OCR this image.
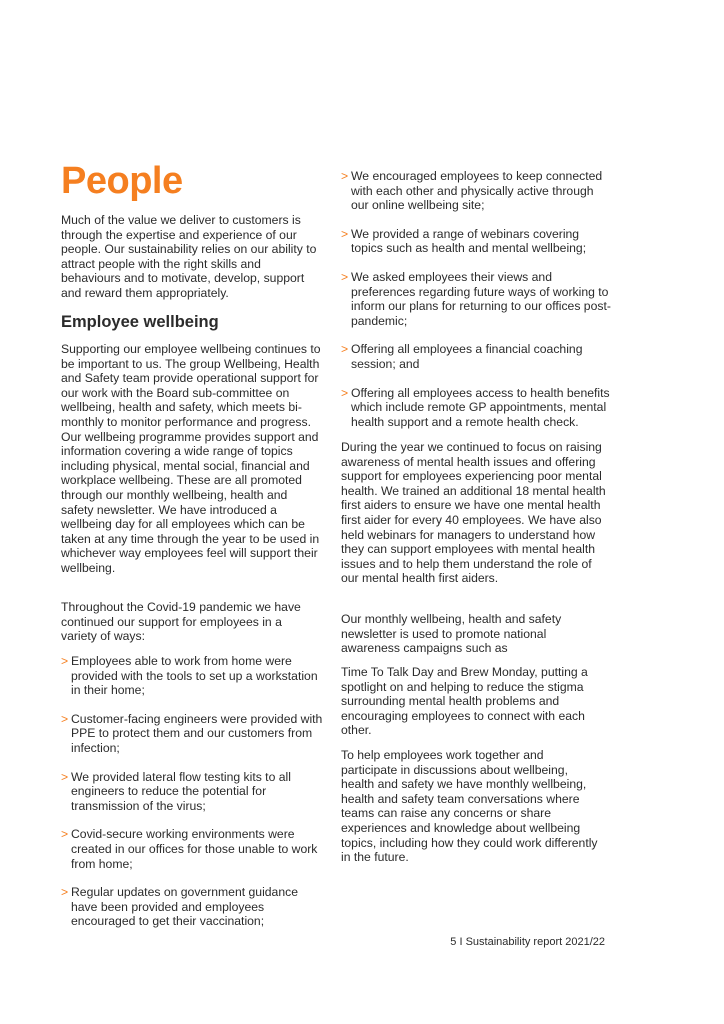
People

Much of the value we deliver to customers is through the expertise and experience of our people. Our sustainability relies on our ability to attract people with the right skills and behaviours and to motivate, develop, support and reward them appropriately.

Employee wellbeing

Supporting our employee wellbeing continues to be important to us. The group Wellbeing, Health and Safety team provide operational support for our work with the Board sub-committee on wellbeing, health and safety, which meets bi-monthly to monitor performance and progress. Our wellbeing programme provides support and information covering a wide range of topics including physical, mental social, financial and workplace wellbeing. These are all promoted through our monthly wellbeing, health and safety newsletter. We have introduced a wellbeing day for all employees which can be taken at any time through the year to be used in whichever way employees feel will support their wellbeing.

Throughout the Covid-19 pandemic we have continued our support for employees in a variety of ways:

> Employees able to work from home were provided with the tools to set up a workstation in their home;
> Customer-facing engineers were provided with PPE to protect them and our customers from infection;
> We provided lateral flow testing kits to all engineers to reduce the potential for transmission of the virus;
> Covid-secure working environments were created in our offices for those unable to work from home;
> Regular updates on government guidance have been provided and employees encouraged to get their vaccination;
> We encouraged employees to keep connected with each other and physically active through our online wellbeing site;
> We provided a range of webinars covering topics such as health and mental wellbeing;
> We asked employees their views and preferences regarding future ways of working to inform our plans for returning to our offices post-pandemic;
> Offering all employees a financial coaching session; and
> Offering all employees access to health benefits which include remote GP appointments, mental health support and a remote health check.

During the year we continued to focus on raising awareness of mental health issues and offering support for employees experiencing poor mental health. We trained an additional 18 mental health first aiders to ensure we have one mental health first aider for every 40 employees. We have also held webinars for managers to understand how they can support employees with mental health issues and to help them understand the role of our mental health first aiders.

Our monthly wellbeing, health and safety newsletter is used to promote national awareness campaigns such as

Time To Talk Day and Brew Monday, putting a spotlight on and helping to reduce the stigma surrounding mental health problems and encouraging employees to connect with each other.

To help employees work together and participate in discussions about wellbeing, health and safety we have monthly wellbeing, health and safety team conversations where teams can raise any concerns or share experiences and knowledge about wellbeing topics, including how they could work differently in the future.

5 I Sustainability report 2021/22
